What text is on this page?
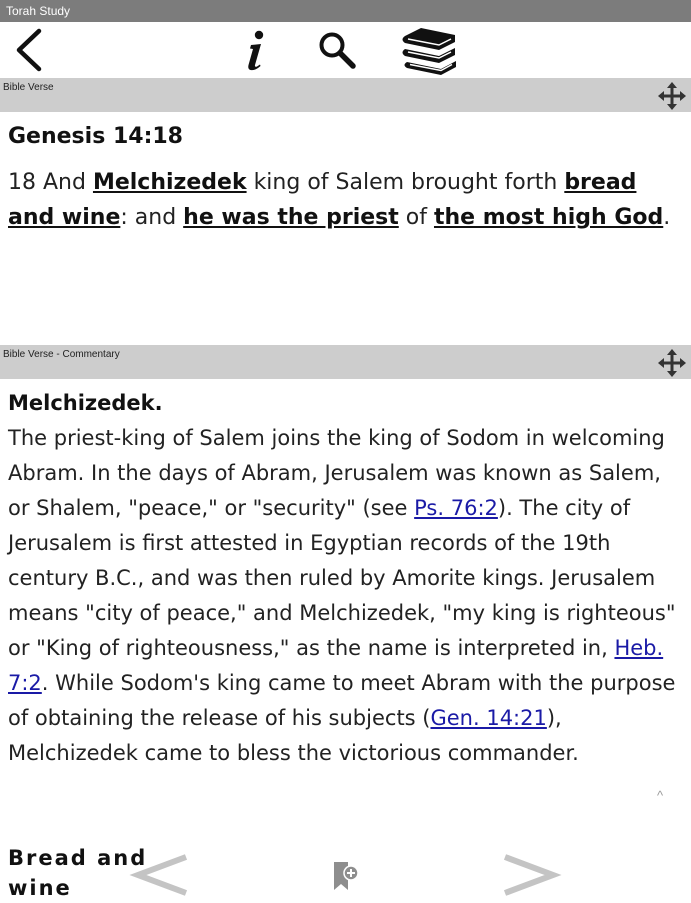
Torah Study
Bible Verse
Genesis 14:18
18 And Melchizedek king of Salem brought forth bread and wine: and he was the priest of the most high God.
Bible Verse - Commentary
Melchizedek.
The priest-king of Salem joins the king of Sodom in welcoming Abram. In the days of Abram, Jerusalem was known as Salem, or Shalem, "peace," or "security" (see Ps. 76:2). The city of Jerusalem is first attested in Egyptian records of the 19th century B.C., and was then ruled by Amorite kings. Jerusalem means "city of peace," and Melchizedek, "my king is righteous" or "King of righteousness," as the name is interpreted in, Heb. 7:2. While Sodom's king came to meet Abram with the purpose of obtaining the release of his subjects (Gen. 14:21), Melchizedek came to bless the victorious commander.
Bread and wine
^
